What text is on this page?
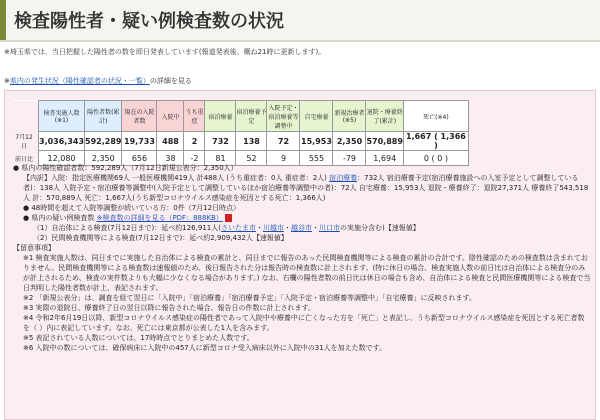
検査陽性者・疑い例検査数の状況
※埼玉県では、当日把握した陽性者の数を即日発表しています(報道発表後、概ね21時に更新します)。
※県内の発生状況（陽性確認者の状況・一覧）の詳細を見る
	検査実施人数(※1)	陽性者数(累計)	現在の入院者数	入院中	うち重症	宿泊療養	宿泊療養予定	入院予定・宿泊療養等調整中	自宅療養	新規治療者(※5)	退院・療養終了(累計)	死亡(※4)
7月12日	3,036,343	592,289	19,733	488	2	732	138	72	15,953	2,350	570,889	1,667 ( 1,366 )
前日比	12,080	2,350	656	38	-2	81	52	9	555	-79	1,694	0 ( 0 )

● 県内の陽性確認者数：592,289人（7月12日新規公表分：2,350人）

【内訳】入院：指定医療機関69人 一般医療機関419人 計488人 (うち重症者：0人 重症者：2人) 宿泊療養：732人 宿泊療養予定(宿泊療養施設への入室予定として調整している者)：138人 入院予定・宿泊療養等調整中(入院予定として調整しているほか宿泊療養等調整中の者)：72人 自宅療養：15,953人 退院・療養終了：退院27,371人 療養終了543,518人 計：570,889人 死亡：1,667人(うち新型コロナウイルス感染症を死因とする死亡：1,366人)

● 48時間を超えて入院等調整が続いている方：0件（7月12日時点）

● 県内の疑い例検査数 ※検査数の詳細を見る（PDF：888KB）

（1）自治体による検査(7月12日まで)：延べ約126,911人(さいたま市・川越市・越谷市・川口市の実施分含む)【速報値】

（2）民間検査機関等による検査(7月12日まで)：延べ約2,909,432人【速報値】

【留意事項】

※1 検査実施人数は、同日までに実施した自治体による検査の累計と、同日までに報告のあった民間検査機関等による検査の累計の合計です。陰性確認のための検査数は含まれておりません。民間検査機関等による検査数は速報値のため、後日報告された分は報告時の検査数に計上されます。(特に休日の場合、検査実施人数の前日比は自治体による検査分のみが計上されるため、検査の実件数よりも大幅に少なくなる場合があります。) なお、右欄の陽性者数の前日比は休日の場合も含め、自治体による検査と民間医療機関等による検査で当日判明した陽性者数が計上、表記されます。

※2 「新規公表分」は、調査を経て翌日に「入院中」「宿泊療養」「宿泊療養予定」「入院予定・宿泊療養等調整中」「自宅療養」に反映されます。

※3 実際の退院日、療養終了日の翌日以降に報告された場合、報告日の件数に計上されます。

※4 令和2年6月19日以降、新型コロナウイルス感染症の陽性者であって入院中や療養中に亡くなった方を「死亡」と表記し、うち新型コロナウイルス感染症を死因とする死亡者数を（ ）内に表記しています。なお、死亡には東京都が公表した1人を含みます。

※5 表記されている人数については、17時時点でとりまとめた人数です。

※6 入院中の数については、確保病床に入院中の457人に新型コロナ受入病床以外に入院中の31人を加えた数です。
